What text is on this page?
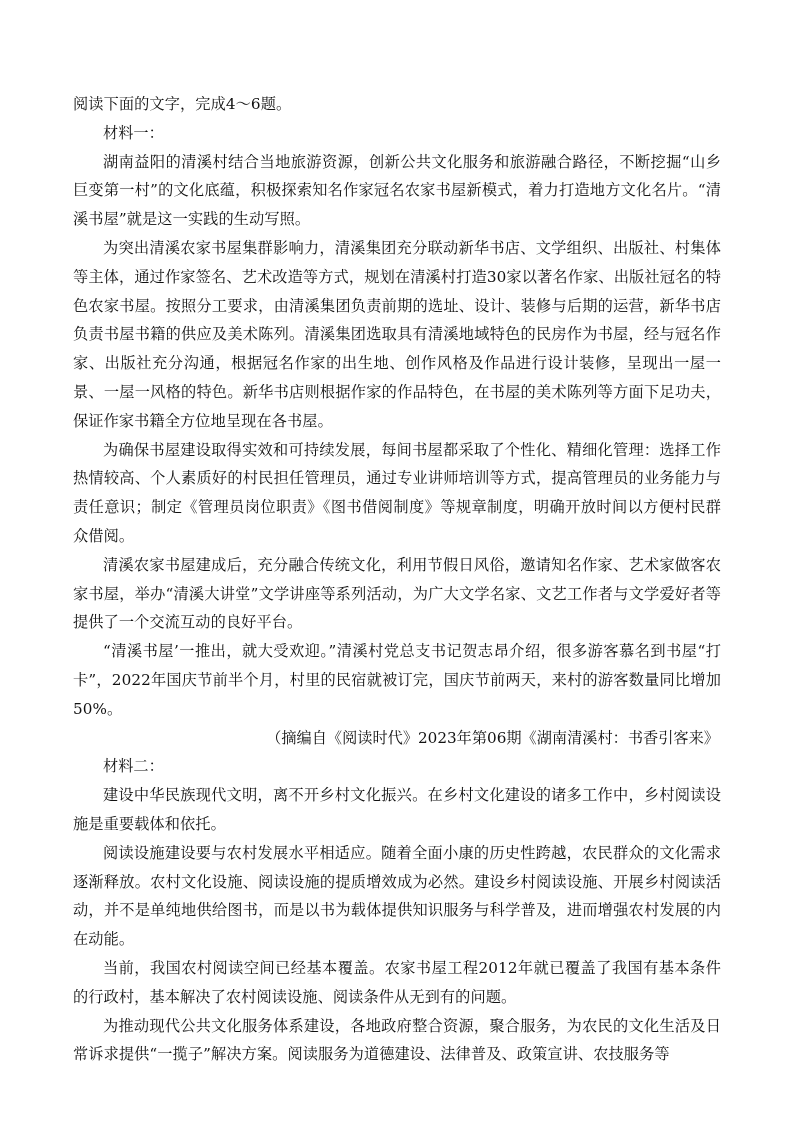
阅读下面的文字，完成4～6题。

材料一：

湖南益阳的清溪村结合当地旅游资源，创新公共文化服务和旅游融合路径，不断挖掘“山乡巨变第一村”的文化底蕴，积极探索知名作家冠名农家书屋新模式，着力打造地方文化名片。“清溪书屋”就是这一实践的生动写照。

为突出清溪农家书屋集群影响力，清溪集团充分联动新华书店、文学组织、出版社、村集体等主体，通过作家签名、艺术改造等方式，规划在清溪村打造30家以著名作家、出版社冠名的特色农家书屋。按照分工要求，由清溪集团负责前期的选址、设计、装修与后期的运营，新华书店负责书屋书籍的供应及美术陈列。清溪集团选取具有清溪地域特色的民房作为书屋，经与冠名作家、出版社充分沟通，根据冠名作家的出生地、创作风格及作品进行设计装修，呈现出一屋一景、一屋一风格的特色。新华书店则根据作家的作品特色，在书屋的美术陈列等方面下足功夫，保证作家书籍全方位地呈现在各书屋。

为确保书屋建设取得实效和可持续发展，每间书屋都采取了个性化、精细化管理：选择工作热情较高、个人素质好的村民担任管理员，通过专业讲师培训等方式，提高管理员的业务能力与责任意识；制定《管理员岗位职责》《图书借阅制度》等规章制度，明确开放时间以方便村民群众借阅。

清溪农家书屋建成后，充分融合传统文化，利用节假日风俗，邀请知名作家、艺术家做客农家书屋，举办“清溪大讲堂”文学讲座等系列活动，为广大文学名家、文艺工作者与文学爱好者等提供了一个交流互动的良好平台。

“清溪书屋’一推出，就大受欢迎。”清溪村党总支书记贺志昂介绍，很多游客慕名到书屋“打卡”，2022年国庆节前半个月，村里的民宿就被订完，国庆节前两天，来村的游客数量同比增加50%。

（摘编自《阅读时代》2023年第06期《湖南清溪村：书香引客来》

材料二：

建设中华民族现代文明，离不开乡村文化振兴。在乡村文化建设的诸多工作中，乡村阅读设施是重要载体和依托。

阅读设施建设要与农村发展水平相适应。随着全面小康的历史性跨越，农民群众的文化需求逐渐释放。农村文化设施、阅读设施的提质增效成为必然。建设乡村阅读设施、开展乡村阅读活动，并不是单纯地供给图书，而是以书为载体提供知识服务与科学普及，进而增强农村发展的内在动能。

当前，我国农村阅读空间已经基本覆盖。农家书屋工程2012年就已覆盖了我国有基本条件的行政村，基本解决了农村阅读设施、阅读条件从无到有的问题。

为推动现代公共文化服务体系建设，各地政府整合资源，聚合服务，为农民的文化生活及日常诉求提供“一揽子”解决方案。阅读服务为道德建设、法律普及、政策宣讲、农技服务等
